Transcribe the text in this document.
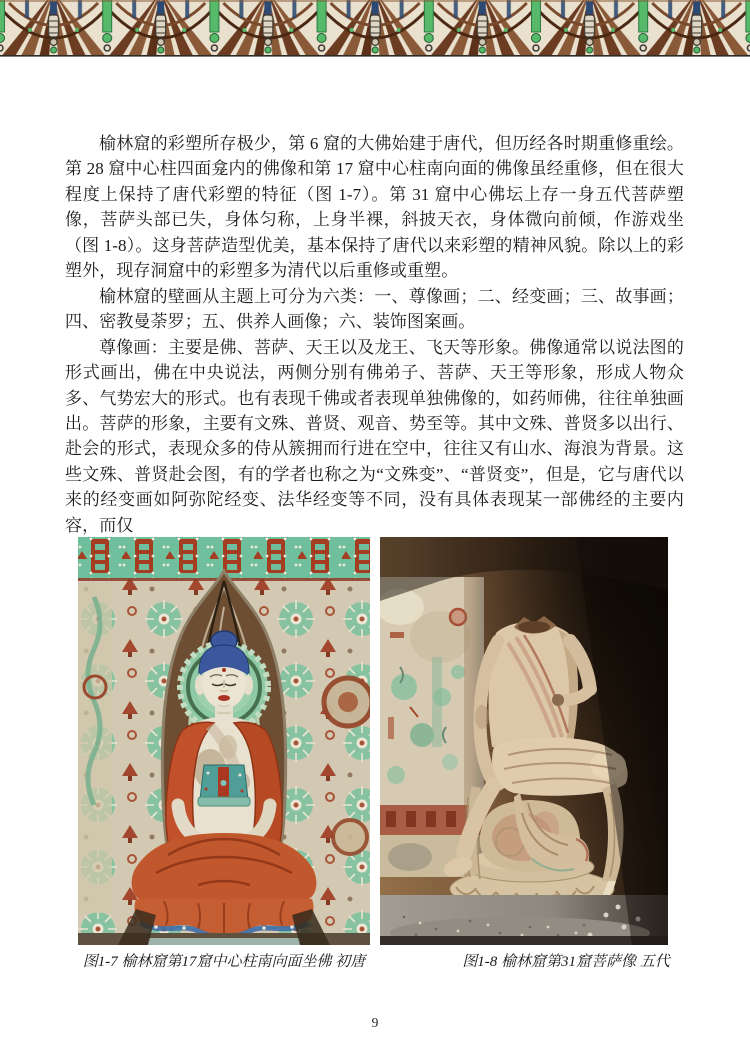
榆林窟的彩塑所存极少，第 6 窟的大佛始建于唐代，但历经各时期重修重绘。第 28 窟中心柱四面龛内的佛像和第 17 窟中心柱南向面的佛像虽经重修，但在很大程度上保持了唐代彩塑的特征（图 1-7）。第 31 窟中心佛坛上存一身五代菩萨塑像，菩萨头部已失，身体匀称，上身半裸，斜披天衣，身体微向前倾，作游戏坐（图 1-8）。这身菩萨造型优美，基本保持了唐代以来彩塑的精神风貌。除以上的彩塑外，现存洞窟中的彩塑多为清代以后重修或重塑。

榆林窟的壁画从主题上可分为六类：一、尊像画；二、经变画；三、故事画；四、密教曼荼罗；五、供养人画像；六、装饰图案画。

尊像画：主要是佛、菩萨、天王以及龙王、飞天等形象。佛像通常以说法图的形式画出，佛在中央说法，两侧分别有佛弟子、菩萨、天王等形象，形成人物众多、气势宏大的形式。也有表现千佛或者表现单独佛像的，如药师佛，往往单独画出。菩萨的形象，主要有文殊、普贤、观音、势至等。其中文殊、普贤多以出行、赴会的形式，表现众多的侍从簇拥而行进在空中，往往又有山水、海浪为背景。这些文殊、普贤赴会图，有的学者也称之为“文殊变”、“普贤变”，但是，它与唐代以来的经变画如阿弥陀经变、法华经变等不同，没有具体表现某一部佛经的主要内容，而仅

图1-7 榆林窟第17窟中心柱南向面坐佛 初唐	图1-8 榆林窟第31窟菩萨像 五代
9
